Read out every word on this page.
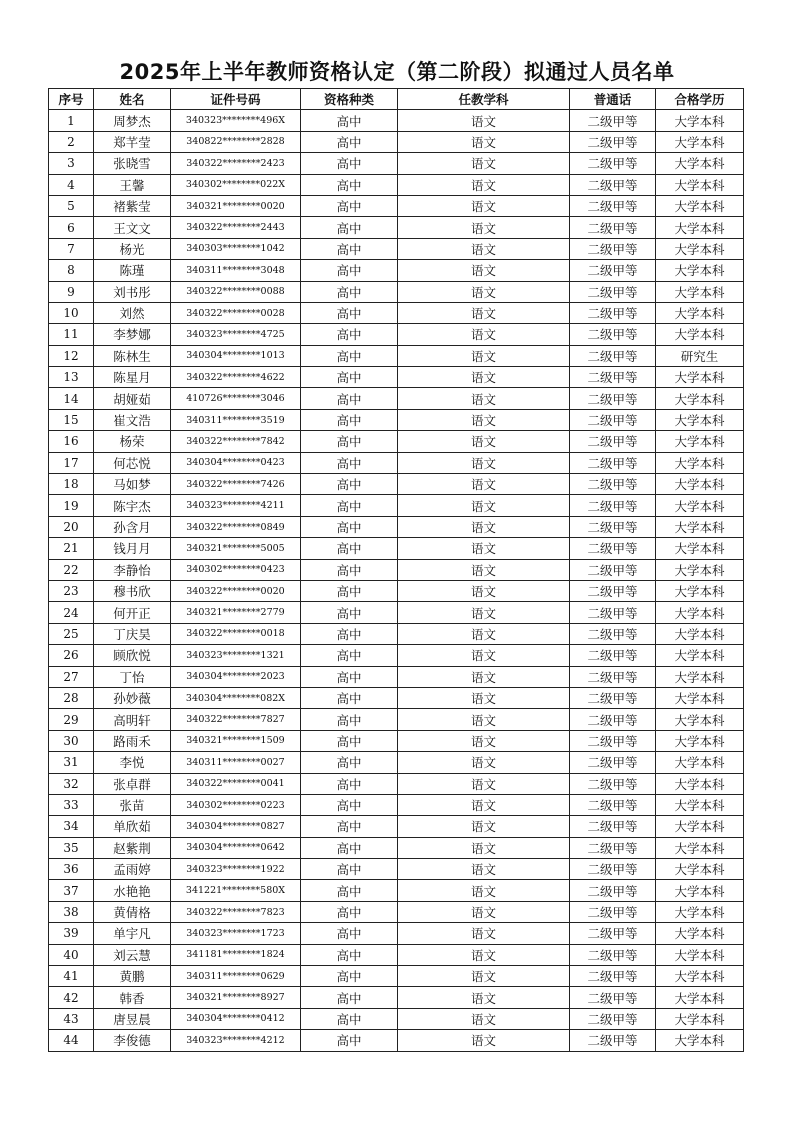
2025年上半年教师资格认定（第二阶段）拟通过人员名单
序号	姓名	证件号码	资格种类	任教学科	普通话	合格学历
1	周梦杰	340323********496X	高中	语文	二级甲等	大学本科
2	郑芊莹	340822********2828	高中	语文	二级甲等	大学本科
3	张晓雪	340322********2423	高中	语文	二级甲等	大学本科
4	王馨	340302********022X	高中	语文	二级甲等	大学本科
5	褚紫莹	340321********0020	高中	语文	二级甲等	大学本科
6	王文文	340322********2443	高中	语文	二级甲等	大学本科
7	杨光	340303********1042	高中	语文	二级甲等	大学本科
8	陈瑾	340311********3048	高中	语文	二级甲等	大学本科
9	刘书彤	340322********0088	高中	语文	二级甲等	大学本科
10	刘然	340322********0028	高中	语文	二级甲等	大学本科
11	李梦娜	340323********4725	高中	语文	二级甲等	大学本科
12	陈林生	340304********1013	高中	语文	二级甲等	研究生
13	陈星月	340322********4622	高中	语文	二级甲等	大学本科
14	胡娅茹	410726********3046	高中	语文	二级甲等	大学本科
15	崔文浩	340311********3519	高中	语文	二级甲等	大学本科
16	杨荣	340322********7842	高中	语文	二级甲等	大学本科
17	何芯悦	340304********0423	高中	语文	二级甲等	大学本科
18	马如梦	340322********7426	高中	语文	二级甲等	大学本科
19	陈宇杰	340323********4211	高中	语文	二级甲等	大学本科
20	孙含月	340322********0849	高中	语文	二级甲等	大学本科
21	钱月月	340321********5005	高中	语文	二级甲等	大学本科
22	李静怡	340302********0423	高中	语文	二级甲等	大学本科
23	穆书欣	340322********0020	高中	语文	二级甲等	大学本科
24	何开正	340321********2779	高中	语文	二级甲等	大学本科
25	丁庆昊	340322********0018	高中	语文	二级甲等	大学本科
26	顾欣悦	340323********1321	高中	语文	二级甲等	大学本科
27	丁怡	340304********2023	高中	语文	二级甲等	大学本科
28	孙妙薇	340304********082X	高中	语文	二级甲等	大学本科
29	高明轩	340322********7827	高中	语文	二级甲等	大学本科
30	路雨禾	340321********1509	高中	语文	二级甲等	大学本科
31	李悦	340311********0027	高中	语文	二级甲等	大学本科
32	张卓群	340322********0041	高中	语文	二级甲等	大学本科
33	张苗	340302********0223	高中	语文	二级甲等	大学本科
34	单欣茹	340304********0827	高中	语文	二级甲等	大学本科
35	赵紫荆	340304********0642	高中	语文	二级甲等	大学本科
36	孟雨婷	340323********1922	高中	语文	二级甲等	大学本科
37	水艳艳	341221********580X	高中	语文	二级甲等	大学本科
38	黄倩格	340322********7823	高中	语文	二级甲等	大学本科
39	单宇凡	340323********1723	高中	语文	二级甲等	大学本科
40	刘云慧	341181********1824	高中	语文	二级甲等	大学本科
41	黄鹏	340311********0629	高中	语文	二级甲等	大学本科
42	韩香	340321********8927	高中	语文	二级甲等	大学本科
43	唐昱晨	340304********0412	高中	语文	二级甲等	大学本科
44	李俊德	340323********4212	高中	语文	二级甲等	大学本科
